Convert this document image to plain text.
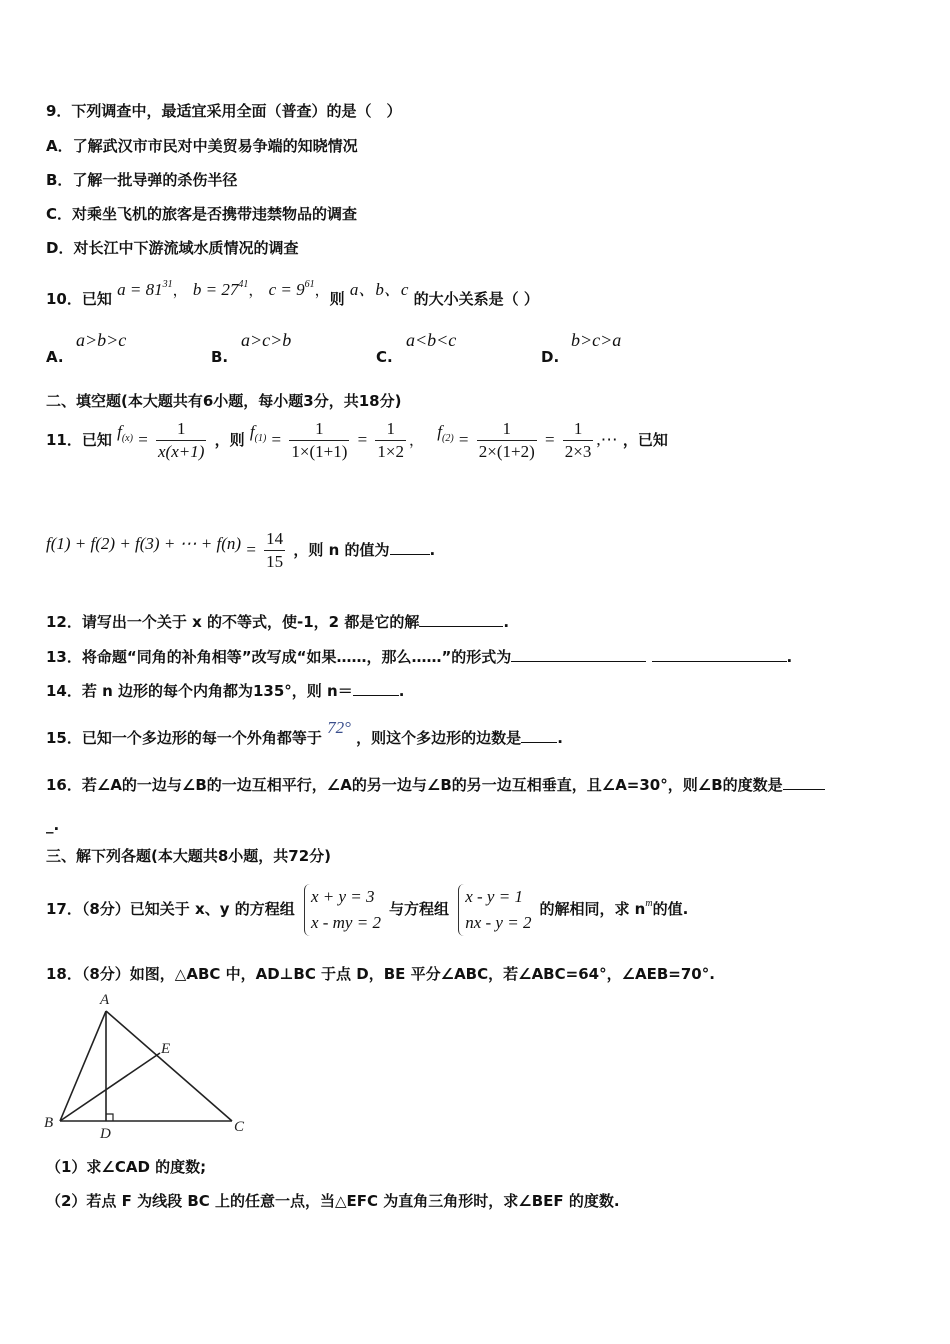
9．下列调查中，最适宜采用全面（普查）的是（　）
A．了解武汉市市民对中美贸易争端的知晓情况
B．了解一批导弹的杀伤半径
C．对乘坐飞机的旅客是否携带违禁物品的调查
D．对长江中下游流域水质情况的调查
10．已知 $a = 81^{31}$， $b = 27^{41}$， $c = 9^{61}$，则 a、b、c 的大小关系是（ ）
A.
a>b>c
B.
a>c>b
C.
a<b<c
D.
b>c>a
二、填空题(本大题共有6小题，每小题3分，共18分)
11．已知 $f_{(x)} = \frac{1}{x(x+1)}$ ，则 $f_{(1)} = \frac{1}{1\times(1+1)} = \frac{1}{1\times 2}$ ， $f_{(2)} = \frac{1}{2\times(1+2)} = \frac{1}{2\times 3}$ ,⋯ ，已知
f(1) + f(2) + f(3) + ⋯ + $f(n) = \frac{14}{15}$ ，则 n 的值为	.
12．请写出一个关于 x 的不等式，使-1，2 都是它的解	.
13．将命题“同角的补角相等”改写成“如果……，那么……”的形式为	.
14．若 n 边形的每个内角都为135°，则 n＝	.
15．已知一个多边形的每一个外角都等于 72° ，则这个多边形的边数是 .
16．若∠A的一边与∠B的一边互相平行，∠A的另一边与∠B的另一边互相垂直，且∠A=30°，则∠B的度数是
_.
三、解下列各题(本大题共8小题，共72分)
17．（8分）已知关于 x、y 的方程组
x + y = 3
x - my = 2
与方程组
x - y = 1
nx - y = 2
的解相同，求 $n^m$的值.
18．（8分）如图，△ABC 中，AD⊥BC 于点 D，BE 平分∠ABC，若∠ABC=64°，∠AEB=70°.
A
B	C
D
E
（1）求∠CAD 的度数;
（2）若点 F 为线段 BC 上的任意一点，当△EFC 为直角三角形时，求∠BEF 的度数.
